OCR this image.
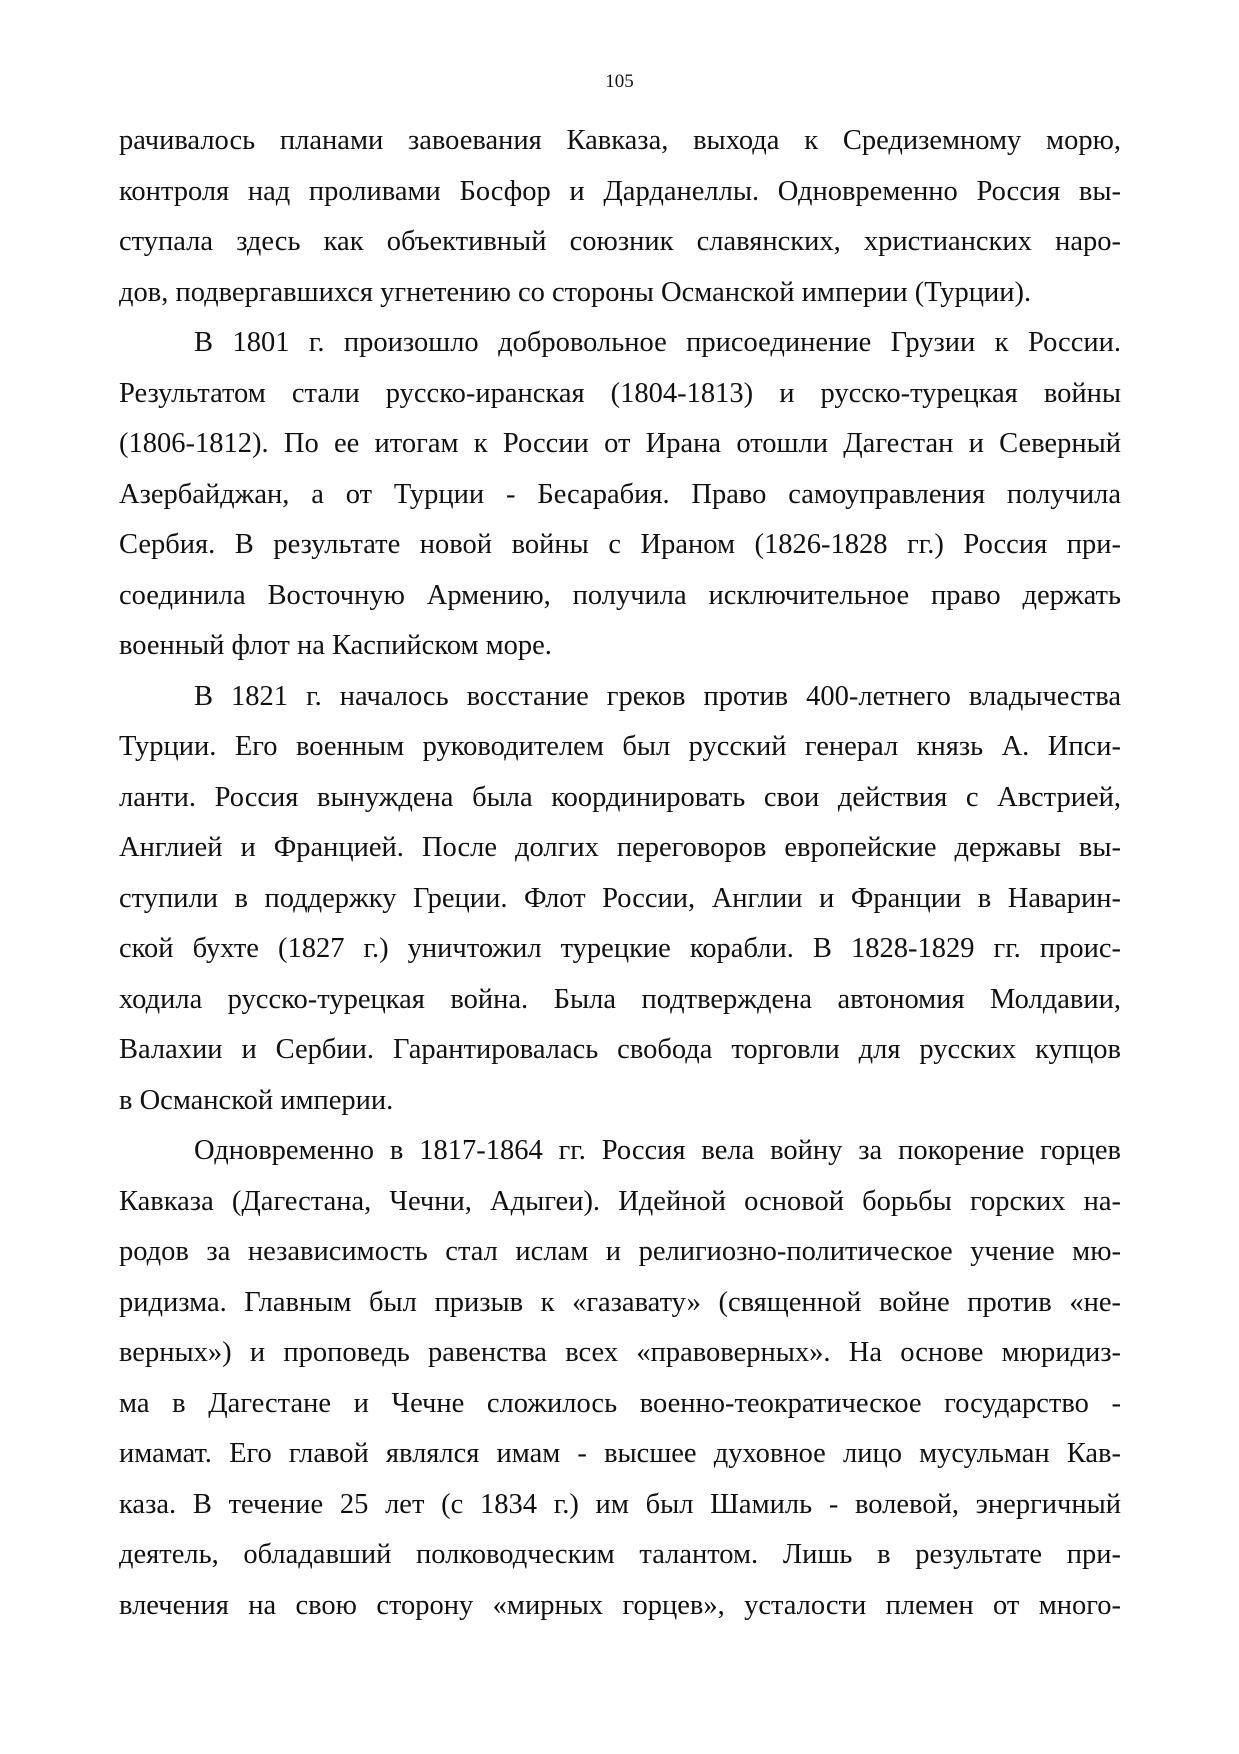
105
рачивалось планами завоевания Кавказа, выхода к Средиземному морю,
контроля над проливами Босфор и Дарданеллы. Одновременно Россия вы-
ступала здесь как объективный союзник славянских, христианских наро-
дов, подвергавшихся угнетению со стороны Османской империи (Турции).
В 1801 г. произошло добровольное присоединение Грузии к России.
Результатом стали русско-иранская (1804-1813) и русско-турецкая войны
(1806-1812). По ее итогам к России от Ирана отошли Дагестан и Северный
Азербайджан, а от Турции - Бесарабия. Право самоуправления получила
Сербия. В результате новой войны с Ираном (1826-1828 гг.) Россия при-
соединила Восточную Армению, получила исключительное право держать
военный флот на Каспийском море.
В 1821 г. началось восстание греков против 400-летнего владычества
Турции. Его военным руководителем был русский генерал князь А. Ипси-
ланти. Россия вынуждена была координировать свои действия с Австрией,
Англией и Францией. После долгих переговоров европейские державы вы-
ступили в поддержку Греции. Флот России, Англии и Франции в Наварин-
ской бухте (1827 г.) уничтожил турецкие корабли. В 1828-1829 гг. проис-
ходила русско-турецкая война. Была подтверждена автономия Молдавии,
Валахии и Сербии. Гарантировалась свобода торговли для русских купцов
в Османской империи.
Одновременно в 1817-1864 гг. Россия вела войну за покорение горцев
Кавказа (Дагестана, Чечни, Адыгеи). Идейной основой борьбы горских на-
родов за независимость стал ислам и религиозно-политическое учение мю-
ридизма. Главным был призыв к «газавату» (священной войне против «не-
верных») и проповедь равенства всех «правоверных». На основе мюридиз-
ма в Дагестане и Чечне сложилось военно-теократическое государство -
имамат. Его главой являлся имам - высшее духовное лицо мусульман Кав-
каза. В течение 25 лет (с 1834 г.) им был Шамиль - волевой, энергичный
деятель, обладавший полководческим талантом. Лишь в результате при-
влечения на свою сторону «мирных горцев», усталости племен от много-
